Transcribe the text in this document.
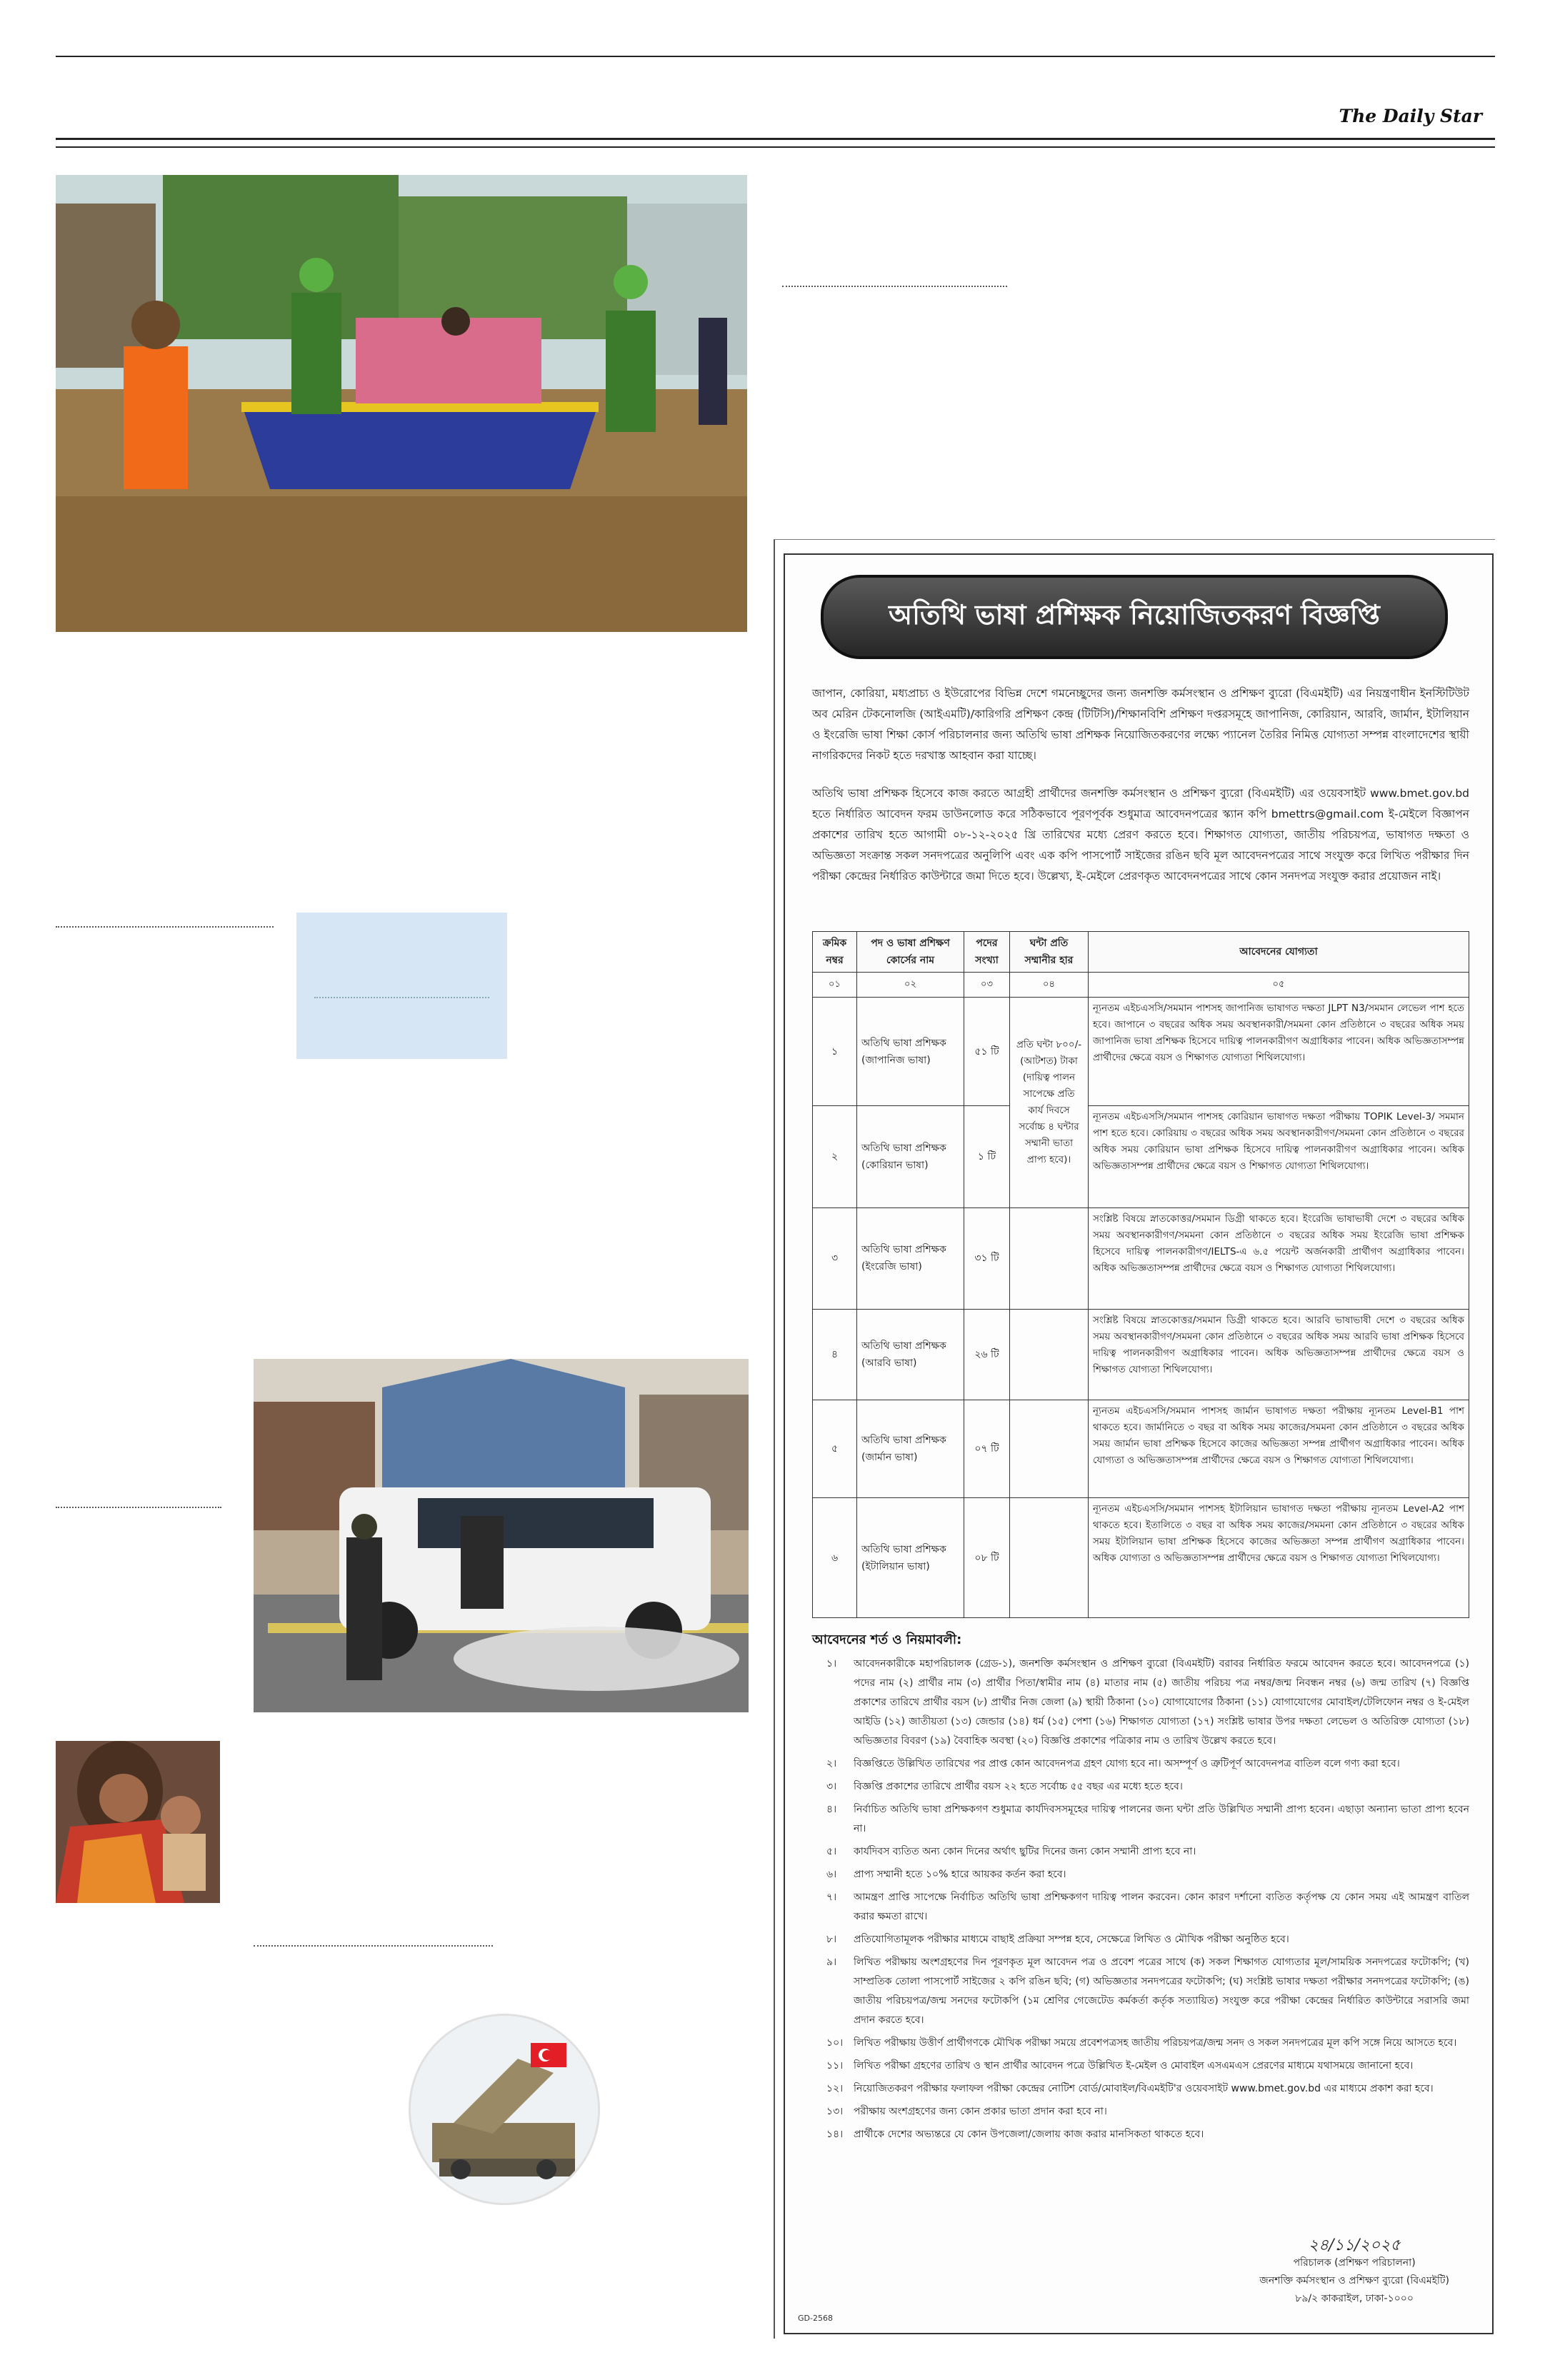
The Daily Star
অতিথি ভাষা প্রশিক্ষক নিয়োজিতকরণ বিজ্ঞপ্তি
জাপান, কোরিয়া, মধ্যপ্রাচ্য ও ইউরোপের বিভিন্ন দেশে গমনেচ্ছুদের জন্য জনশক্তি কর্মসংস্থান ও প্রশিক্ষণ ব্যুরো (বিএমইটি) এর নিয়ন্ত্রণাধীন ইনস্টিটিউট অব মেরিন টেকনোলজি (আইএমটি)/কারিগরি প্রশিক্ষণ কেন্দ্র (টিটিসি)/শিক্ষানবিশি প্রশিক্ষণ দপ্তরসমূহে জাপানিজ, কোরিয়ান, আরবি, জার্মান, ইটালিয়ান ও ইংরেজি ভাষা শিক্ষা কোর্স পরিচালনার জন্য অতিথি ভাষা প্রশিক্ষক নিয়োজিতকরণের লক্ষ্যে প্যানেল তৈরির নিমিত্ত যোগ্যতা সম্পন্ন বাংলাদেশের স্থায়ী নাগরিকদের নিকট হতে দরখাস্ত আহবান করা যাচ্ছে।
অতিথি ভাষা প্রশিক্ষক হিসেবে কাজ করতে আগ্রহী প্রার্থীদের জনশক্তি কর্মসংস্থান ও প্রশিক্ষণ ব্যুরো (বিএমইটি) এর ওয়েবসাইট www.bmet.gov.bd হতে নির্ধারিত আবেদন ফরম ডাউনলোড করে সঠিকভাবে পূরণপূর্বক শুধুমাত্র আবেদনপত্রের স্ক্যান কপি bmettrs@gmail.com ই-মেইলে বিজ্ঞাপন প্রকাশের তারিখ হতে আগামী ০৮-১২-২০২৫ খ্রি তারিখের মধ্যে প্রেরণ করতে হবে। শিক্ষাগত যোগ্যতা, জাতীয় পরিচয়পত্র, ভাষাগত দক্ষতা ও অভিজ্ঞতা সংক্রান্ত সকল সনদপত্রের অনুলিপি এবং এক কপি পাসপোর্ট সাইজের রঙিন ছবি মূল আবেদনপত্রের সাথে সংযুক্ত করে লিখিত পরীক্ষার দিন পরীক্ষা কেন্দ্রের নির্ধারিত কাউন্টারে জমা দিতে হবে। উল্লেখ্য, ই-মেইলে প্রেরণকৃত আবেদনপত্রের সাথে কোন সনদপত্র সংযুক্ত করার প্রয়োজন নাই।
ক্রমিক নম্বর	পদ ও ভাষা প্রশিক্ষণ কোর্সের নাম	পদের সংখ্যা	ঘন্টা প্রতি সম্মানীর হার	আবেদনের যোগ্যতা
০১	০২	০৩	০৪	০৫
১	অতিথি ভাষা প্রশিক্ষক (জাপানিজ ভাষা)	৫১ টি	প্রতি ঘন্টা ৮০০/- (আটশত) টাকা (দায়িত্ব পালন সাপেক্ষে প্রতি কার্য দিবসে সর্বোচ্চ ৪ ঘন্টার সম্মানী ভাতা প্রাপ্য হবে)।	ন্যূনতম এইচএসসি/সমমান পাশসহ জাপানিজ ভাষাগত দক্ষতা JLPT N3/সমমান লেভেল পাশ হতে হবে। জাপানে ৩ বছরের অধিক সময় অবস্থানকারী/সমমনা কোন প্রতিষ্ঠানে ৩ বছরের অধিক সময় জাপানিজ ভাষা প্রশিক্ষক হিসেবে দায়িত্ব পালনকারীগণ অগ্রাধিকার পাবেন। অধিক অভিজ্ঞতাসম্পন্ন প্রার্থীদের ক্ষেত্রে বয়স ও শিক্ষাগত যোগ্যতা শিথিলযোগ্য।
২	অতিথি ভাষা প্রশিক্ষক (কোরিয়ান ভাষা)	১ টি		ন্যূনতম এইচএসসি/সমমান পাশসহ কোরিয়ান ভাষাগত দক্ষতা পরীক্ষায় TOPIK Level-3/ সমমান পাশ হতে হবে। কোরিয়ায় ৩ বছরের অধিক সময় অবস্থানকারীগণ/সমমনা কোন প্রতিষ্ঠানে ৩ বছরের অধিক সময় কোরিয়ান ভাষা প্রশিক্ষক হিসেবে দায়িত্ব পালনকারীগণ অগ্রাধিকার পাবেন। অধিক অভিজ্ঞতাসম্পন্ন প্রার্থীদের ক্ষেত্রে বয়স ও শিক্ষাগত যোগ্যতা শিথিলযোগ্য।
৩	অতিথি ভাষা প্রশিক্ষক (ইংরেজি ভাষা)	৩১ টি		সংশ্লিষ্ট বিষয়ে স্নাতকোত্তর/সমমান ডিগ্রী থাকতে হবে। ইংরেজি ভাষাভাষী দেশে ৩ বছরের অধিক সময় অবস্থানকারীগণ/সমমনা কোন প্রতিষ্ঠানে ৩ বছরের অধিক সময় ইংরেজি ভাষা প্রশিক্ষক হিসেবে দায়িত্ব পালনকারীগণ/IELTS-এ ৬.৫ পয়েন্ট অর্জনকারী প্রার্থীগণ অগ্রাধিকার পাবেন। অধিক অভিজ্ঞতাসম্পন্ন প্রার্থীদের ক্ষেত্রে বয়স ও শিক্ষাগত যোগ্যতা শিথিলযোগ্য।
৪	অতিথি ভাষা প্রশিক্ষক (আরবি ভাষা)	২৬ টি		সংশ্লিষ্ট বিষয়ে স্নাতকোত্তর/সমমান ডিগ্রী থাকতে হবে। আরবি ভাষাভাষী দেশে ৩ বছরের অধিক সময় অবস্থানকারীগণ/সমমনা কোন প্রতিষ্ঠানে ৩ বছরের অধিক সময় আরবি ভাষা প্রশিক্ষক হিসেবে দায়িত্ব পালনকারীগণ অগ্রাধিকার পাবেন। অধিক অভিজ্ঞতাসম্পন্ন প্রার্থীদের ক্ষেত্রে বয়স ও শিক্ষাগত যোগ্যতা শিথিলযোগ্য।
৫	অতিথি ভাষা প্রশিক্ষক (জার্মান ভাষা)	০৭ টি		ন্যূনতম এইচএসসি/সমমান পাশসহ জার্মান ভাষাগত দক্ষতা পরীক্ষায় ন্যূনতম Level-B1 পাশ থাকতে হবে। জার্মানিতে ৩ বছর বা অধিক সময় কাজের/সমমনা কোন প্রতিষ্ঠানে ৩ বছরের অধিক সময় জার্মান ভাষা প্রশিক্ষক হিসেবে কাজের অভিজ্ঞতা সম্পন্ন প্রার্থীগণ অগ্রাধিকার পাবেন। অধিক যোগ্যতা ও অভিজ্ঞতাসম্পন্ন প্রার্থীদের ক্ষেত্রে বয়স ও শিক্ষাগত যোগ্যতা শিথিলযোগ্য।
৬	অতিথি ভাষা প্রশিক্ষক (ইটালিয়ান ভাষা)	০৮ টি		ন্যূনতম এইচএসসি/সমমান পাশসহ ইটালিয়ান ভাষাগত দক্ষতা পরীক্ষায় ন্যূনতম Level-A2 পাশ থাকতে হবে। ইতালিতে ৩ বছর বা অধিক সময় কাজের/সমমনা কোন প্রতিষ্ঠানে ৩ বছরের অধিক সময় ইটালিয়ান ভাষা প্রশিক্ষক হিসেবে কাজের অভিজ্ঞতা সম্পন্ন প্রার্থীগণ অগ্রাধিকার পাবেন। অধিক যোগ্যতা ও অভিজ্ঞতাসম্পন্ন প্রার্থীদের ক্ষেত্রে বয়স ও শিক্ষাগত যোগ্যতা শিথিলযোগ্য।
আবেদনের শর্ত ও নিয়মাবলী:
১। আবেদনকারীকে মহাপরিচালক (গ্রেড-১), জনশক্তি কর্মসংস্থান ও প্রশিক্ষণ ব্যুরো (বিএমইটি) বরাবর নির্ধারিত ফরমে আবেদন করতে হবে। আবেদনপত্রে (১) পদের নাম (২) প্রার্থীর নাম (৩) প্রার্থীর পিতা/স্বামীর নাম (৪) মাতার নাম (৫) জাতীয় পরিচয় পত্র নম্বর/জন্ম নিবন্ধন নম্বর (৬) জন্ম তারিখ (৭) বিজ্ঞপ্তি প্রকাশের তারিখে প্রার্থীর বয়স (৮) প্রার্থীর নিজ জেলা (৯) স্থায়ী ঠিকানা (১০) যোগাযোগের ঠিকানা (১১) যোগাযোগের মোবাইল/টেলিফোন নম্বর ও ই-মেইল আইডি (১২) জাতীয়তা (১৩) জেন্ডার (১৪) ধর্ম (১৫) পেশা (১৬) শিক্ষাগত যোগ্যতা (১৭) সংশ্লিষ্ট ভাষার উপর দক্ষতা লেভেল ও অতিরিক্ত যোগ্যতা (১৮) অভিজ্ঞতার বিবরণ (১৯) বৈবাহিক অবস্থা (২০) বিজ্ঞপ্তি প্রকাশের পত্রিকার নাম ও তারিখ উল্লেখ করতে হবে।
২। বিজ্ঞপ্তিতে উল্লিখিত তারিখের পর প্রাপ্ত কোন আবেদনপত্র গ্রহণ যোগ্য হবে না। অসম্পূর্ণ ও ত্রুটিপূর্ণ আবেদনপত্র বাতিল বলে গণ্য করা হবে।
৩। বিজ্ঞপ্তি প্রকাশের তারিখে প্রার্থীর বয়স ২২ হতে সর্বোচ্চ ৫৫ বছর এর মধ্যে হতে হবে।
৪। নির্বাচিত অতিথি ভাষা প্রশিক্ষকগণ শুধুমাত্র কার্যদিবসসমূহের দায়িত্ব পালনের জন্য ঘন্টা প্রতি উল্লিখিত সম্মানী প্রাপ্য হবেন। এছাড়া অন্যান্য ভাতা প্রাপ্য হবেন না।
৫। কার্যদিবস ব্যতিত অন্য কোন দিনের অর্থাৎ ছুটির দিনের জন্য কোন সম্মানী প্রাপ্য হবে না।
৬। প্রাপ্য সম্মানী হতে ১০% হারে আয়কর কর্তন করা হবে।
৭। আমন্ত্রণ প্রাপ্তি সাপেক্ষে নির্বাচিত অতিথি ভাষা প্রশিক্ষকগণ দায়িত্ব পালন করবেন। কোন কারণ দর্শানো ব্যতিত কর্তৃপক্ষ যে কোন সময় এই আমন্ত্রণ বাতিল করার ক্ষমতা রাখে।
৮। প্রতিযোগিতামূলক পরীক্ষার মাধ্যমে বাছাই প্রক্রিয়া সম্পন্ন হবে, সেক্ষেত্রে লিখিত ও মৌখিক পরীক্ষা অনুষ্ঠিত হবে।
৯। লিখিত পরীক্ষায় অংশগ্রহণের দিন পূরণকৃত মূল আবেদন পত্র ও প্রবেশ পত্রের সাথে (ক) সকল শিক্ষাগত যোগ্যতার মূল/সাময়িক সনদপত্রের ফটোকপি; (খ) সাম্প্রতিক তোলা পাসপোর্ট সাইজের ২ কপি রঙিন ছবি; (গ) অভিজ্ঞতার সনদপত্রের ফটোকপি; (ঘ) সংশ্লিষ্ট ভাষার দক্ষতা পরীক্ষার সনদপত্রের ফটোকপি; (ঙ) জাতীয় পরিচয়পত্র/জন্ম সনদের ফটোকপি (১ম শ্রেণির গেজেটেড কর্মকর্তা কর্তৃক সত্যায়িত) সংযুক্ত করে পরীক্ষা কেন্দ্রের নির্ধারিত কাউন্টারে সরাসরি জমা প্রদান করতে হবে।
১০। লিখিত পরীক্ষায় উত্তীর্ণ প্রার্থীগণকে মৌখিক পরীক্ষা সময়ে প্রবেশপত্রসহ জাতীয় পরিচয়পত্র/জন্ম সনদ ও সকল সনদপত্রের মূল কপি সঙ্গে নিয়ে আসতে হবে।
১১। লিখিত পরীক্ষা গ্রহণের তারিখ ও স্থান প্রার্থীর আবেদন পত্রে উল্লিখিত ই-মেইল ও মোবাইল এসএমএস প্রেরণের মাধ্যমে যথাসময়ে জানানো হবে।
১২। নিয়োজিতকরণ পরীক্ষার ফলাফল পরীক্ষা কেন্দ্রের নোটিশ বোর্ড/মোবাইল/বিএমইটি'র ওয়েবসাইট www.bmet.gov.bd এর মাধ্যমে প্রকাশ করা হবে।
১৩। পরীক্ষায় অংশগ্রহণের জন্য কোন প্রকার ভাতা প্রদান করা হবে না।
১৪। প্রার্থীকে দেশের অভ্যন্তরে যে কোন উপজেলা/জেলায় কাজ করার মানসিকতা থাকতে হবে।
২৪/১১/২০২৫
পরিচালক (প্রশিক্ষণ পরিচালনা)
জনশক্তি কর্মসংস্থান ও প্রশিক্ষণ ব্যুরো (বিএমইটি)
৮৯/২ কাকরাইল, ঢাকা-১০০০
GD-2568
